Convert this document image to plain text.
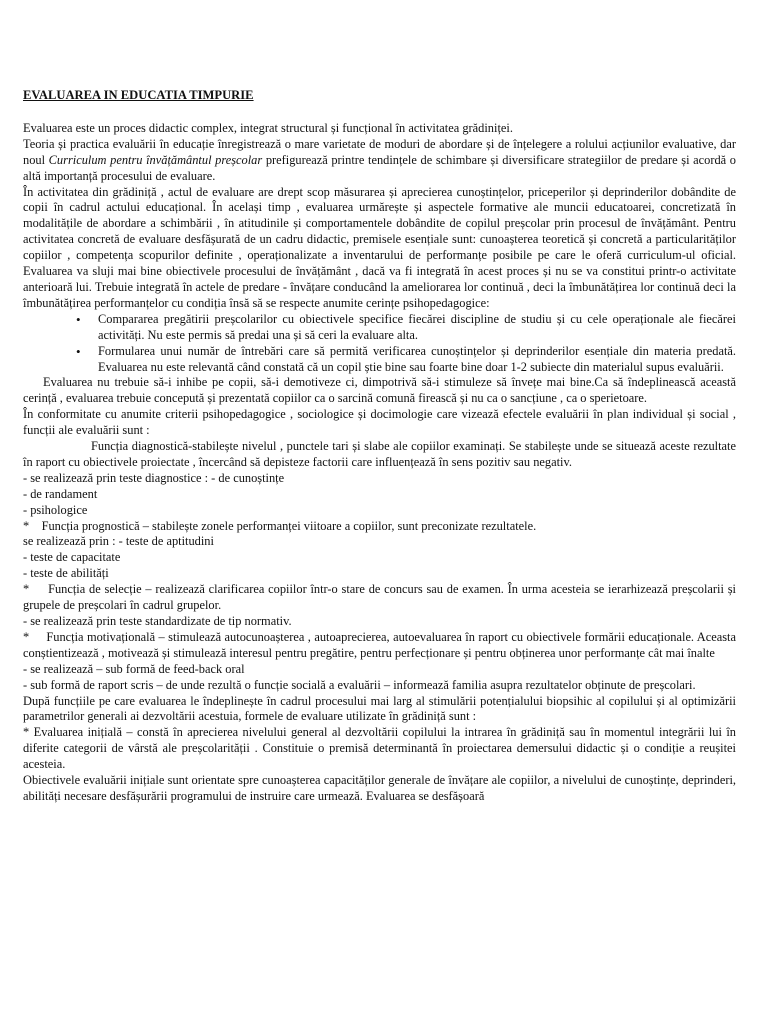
EVALUAREA IN EDUCATIA TIMPURIE

Evaluarea este un proces didactic complex, integrat structural și funcțional în activitatea grădiniței.

Teoria și practica evaluării în educație înregistrează o mare varietate de moduri de abordare și de înțelegere a rolului acțiunilor evaluative, dar noul Curriculum pentru învățământul preșcolar prefigurează printre tendințele de schimbare și diversificare strategiilor de predare și acordă o altă importanță procesului de evaluare.

În activitatea din grădiniță , actul de evaluare are drept scop măsurarea și aprecierea cunoștințelor, priceperilor și deprinderilor dobândite de copii în cadrul actului educațional. În același timp , evaluarea urmărește și aspectele formative ale muncii educatoarei, concretizată în modalitățile de abordare a schimbării , în atitudinile și comportamentele dobândite de copilul preșcolar prin procesul de învățământ. Pentru activitatea concretă de evaluare desfășurată de un cadru didactic, premisele esențiale sunt: cunoașterea teoretică și concretă a particularităților copiilor , competența scopurilor definite , operaționalizate a inventarului de performanțe posibile pe care le oferă curriculum-ul oficial. Evaluarea va sluji mai bine obiectivele procesului de învățământ , dacă va fi integrată în acest proces și nu se va constitui printr-o activitate anterioară lui. Trebuie integrată în actele de predare - învățare conducând la ameliorarea lor continuă , deci la îmbunătățirea lor continuă deci la îmbunătățirea performanțelor cu condiția însă să se respecte anumite cerințe psihopedagogice:

• Compararea pregătirii preșcolarilor cu obiectivele specifice fiecărei discipline de studiu și cu cele operaționale ale fiecărei activități. Nu este permis să predai una și să ceri la evaluare alta.
• Formularea unui număr de întrebări care să permită verificarea cunoștințelor și deprinderilor esențiale din materia predată. Evaluarea nu este relevantă când constată că un copil știe bine sau foarte bine doar 1-2 subiecte din materialul supus evaluării.

Evaluarea nu trebuie să-i inhibe pe copii, să-i demotiveze ci, dimpotrivă să-i stimuleze să învețe mai bine.Ca să îndeplinească această cerință , evaluarea trebuie concepută și prezentată copiilor ca o sarcină comună firească și nu ca o sancțiune , ca o sperietoare.

În conformitate cu anumite criterii psihopedagogice , sociologice și docimologie care vizează efectele evaluării în plan individual și social , funcții ale evaluării sunt :

Funcția diagnostică-stabilește nivelul , punctele tari și slabe ale copiilor examinați. Se stabilește unde se situează aceste rezultate în raport cu obiectivele proiectate , încercând să depisteze factorii care influențează în sens pozitiv sau negativ.

- se realizează prin teste diagnostice : - de cunoștințe
- de randament
- psihologice
*    Funcția prognostică – stabilește zonele performanței viitoare a copiilor, sunt preconizate rezultatele.
se realizează prin : - teste de aptitudini
- teste de capacitate
- teste de abilități

*     Funcția de selecție – realizează clarificarea copiilor într-o stare de concurs sau de examen. În urma acesteia se ierarhizează preșcolarii și grupele de preșcolari în cadrul grupelor.

- se realizează prin teste standardizate de tip normativ.

*     Funcția motivațională – stimulează autocunoașterea , autoaprecierea, autoevaluarea în raport cu obiectivele formării educaționale. Aceasta conștientizează , motivează și stimulează interesul pentru pregătire, pentru perfecționare și pentru obținerea unor performanțe cât mai înalte

- se realizează – sub formă de feed-back oral

- sub formă de raport scris – de unde rezultă o funcție socială a evaluării – informează familia asupra rezultatelor obținute de preșcolari.

După funcțiile pe care evaluarea le îndeplinește în cadrul procesului mai larg al stimulării potențialului biopsihic al copilului și al optimizării parametrilor generali ai dezvoltării acestuia, formele de evaluare utilizate în grădiniță sunt :

* Evaluarea inițială – constă în aprecierea nivelului general al dezvoltării copilului la intrarea în grădiniță sau în momentul integrării lui în diferite categorii de vârstă ale preșcolarității . Constituie o premisă determinantă în proiectarea demersului didactic și o condiție a reușitei acesteia.

Obiectivele evaluării inițiale sunt orientate spre cunoașterea capacităților generale de învățare ale copiilor, a nivelului de cunoștințe, deprinderi, abilități necesare desfășurării programului de instruire care urmează. Evaluarea se desfășoară
